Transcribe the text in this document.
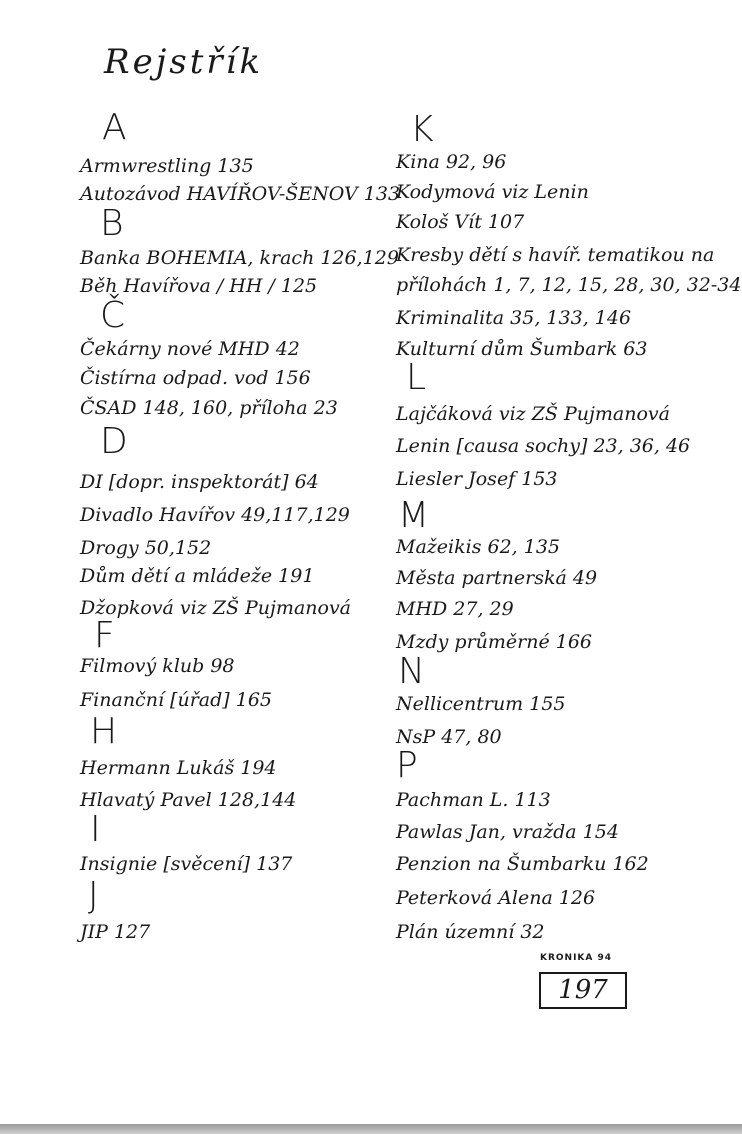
Rejstřík
A
Armwrestling 135
Autozávod HAVÍŘOV-ŠENOV 133
B
Banka BOHEMIA, krach 126,129
Běh Havířova / HH / 125
Č
Čekárny nové MHD 42
Čistírna odpad. vod 156
ČSAD 148, 160, příloha 23
D
DI [dopr. inspektorát] 64
Divadlo Havířov 49,117,129
Drogy 50,152
Dům dětí a mládeže 191
Džopková viz ZŠ Pujmanová
F
Filmový klub 98
Finanční [úřad] 165
H
Hermann Lukáš 194
Hlavatý Pavel 128,144
I
Insignie [svěcení] 137
J
JIP 127
K
Kina 92, 96
Kodymová viz Lenin
Kološ Vít 107
Kresby dětí s havíř. tematikou na
přílohách 1, 7, 12, 15, 28, 30, 32-34
Kriminalita 35, 133, 146
Kulturní dům Šumbark 63
L
Lajčáková viz ZŠ Pujmanová
Lenin [causa sochy] 23, 36, 46
Liesler Josef 153
M
Mažeikis 62, 135
Města partnerská 49
MHD 27, 29
Mzdy průměrné 166
N
Nellicentrum 155
NsP 47, 80
P
Pachman L. 113
Pawlas Jan, vražda 154
Penzion na Šumbarku 162
Peterková Alena 126
Plán územní 32
KRONIKA 94
197
